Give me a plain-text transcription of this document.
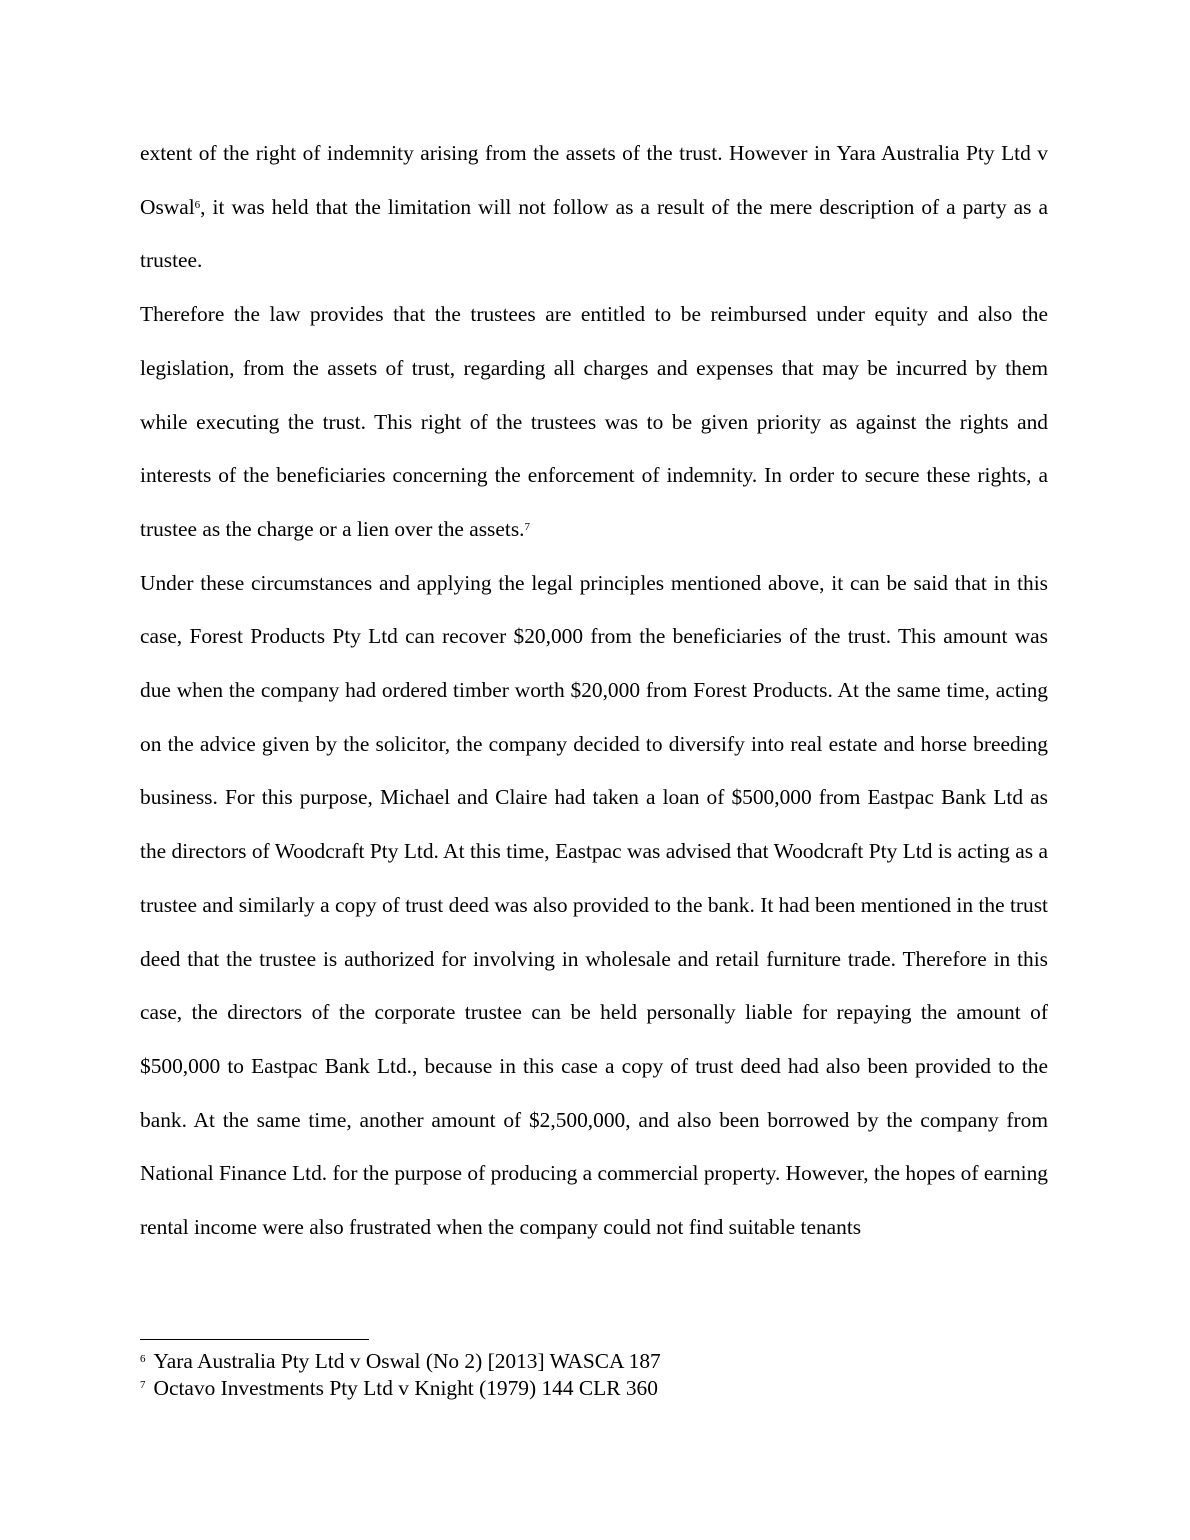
extent of the right of indemnity arising from the assets of the trust. However in Yara Australia Pty Ltd v Oswal$^6$, it was held that the limitation will not follow as a result of the mere description of a party as a trustee.

Therefore the law provides that the trustees are entitled to be reimbursed under equity and also the legislation, from the assets of trust, regarding all charges and expenses that may be incurred by them while executing the trust. This right of the trustees was to be given priority as against the rights and interests of the beneficiaries concerning the enforcement of indemnity. In order to secure these rights, a trustee as the charge or a lien over the assets.$^7$

Under these circumstances and applying the legal principles mentioned above, it can be said that in this case, Forest Products Pty Ltd can recover $20,000 from the beneficiaries of the trust. This amount was due when the company had ordered timber worth $20,000 from Forest Products. At the same time, acting on the advice given by the solicitor, the company decided to diversify into real estate and horse breeding business. For this purpose, Michael and Claire had taken a loan of $500,000 from Eastpac Bank Ltd as the directors of Woodcraft Pty Ltd. At this time, Eastpac was advised that Woodcraft Pty Ltd is acting as a trustee and similarly a copy of trust deed was also provided to the bank. It had been mentioned in the trust deed that the trustee is authorized for involving in wholesale and retail furniture trade. Therefore in this case, the directors of the corporate trustee can be held personally liable for repaying the amount of $500,000 to Eastpac Bank Ltd., because in this case a copy of trust deed had also been provided to the bank. At the same time, another amount of $2,500,000, and also been borrowed by the company from National Finance Ltd. for the purpose of producing a commercial property. However, the hopes of earning rental income were also frustrated when the company could not find suitable tenants

$^6$ Yara Australia Pty Ltd v Oswal (No 2) [2013] WASCA 187
$^7$ Octavo Investments Pty Ltd v Knight (1979) 144 CLR 360
